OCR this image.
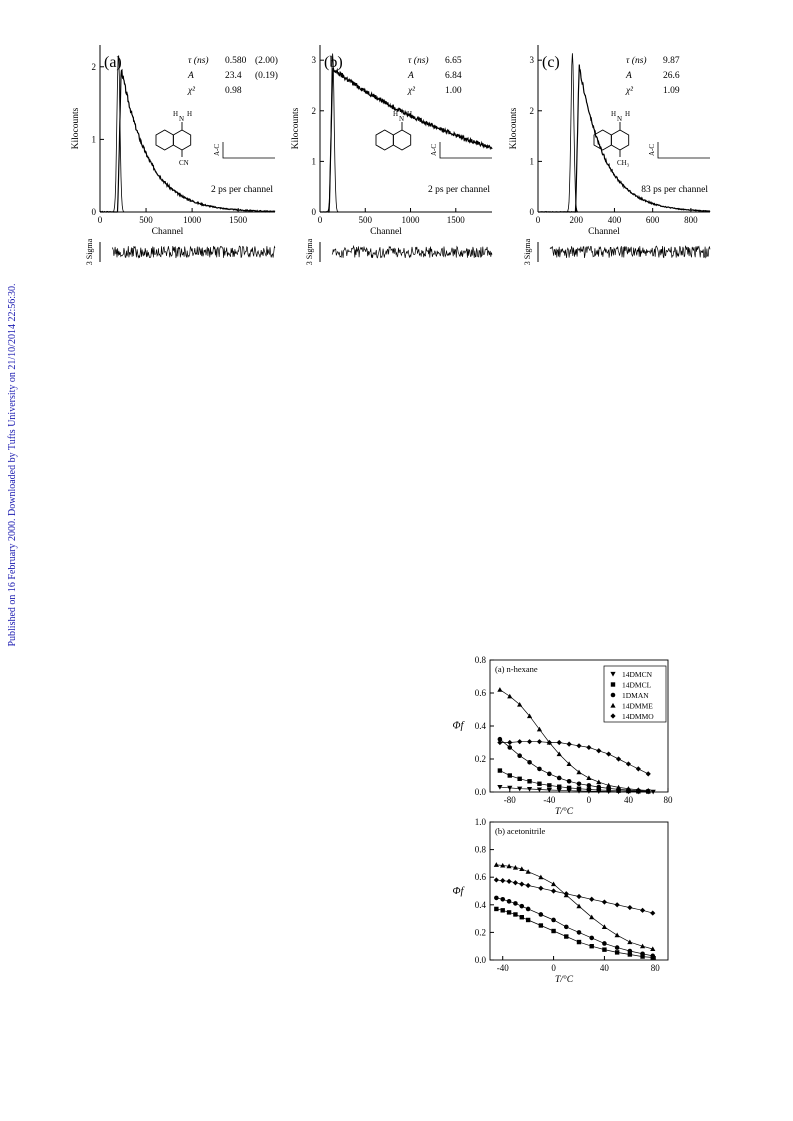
Published on 16 February 2000. Downloaded by Tufts University on 21/10/2014 22:56:30.
0
1
2
0	500	1000	1500
Channel
Kilocounts
(a)	τ (ns) 0.580 (2.00)
A	23.4 (0.19)
χ²	0.98
2 ps per channel
A-C
H
N
H
CN
3 Sigma
0
1
2
3
0	500	1000	1500
Channel
Kilocounts
(b)	τ (ns) 6.65
A	6.84
χ²	1.00
2 ps per channel
A-C
H
N
H
3 Sigma
0
1
2
3
0	200	400	600	800
Channel
Kilocounts
(c)	τ (ns) 9.87
A	26.6
χ²	1.09
83 ps per channel
A-C
H
N
H
CH₃
3 Sigma
0.0
0.2
0.4
0.6
0.8
-80	-40	0	40	80
T/°C
Φf
(a) n-hexane
14DMCN
14DMCL
1DMAN
14DMME
14DMMO
0.0
0.2
0.4
0.6
0.8
1.0
-40	0	40	80
T/°C
Φf
(b) acetonitrile
